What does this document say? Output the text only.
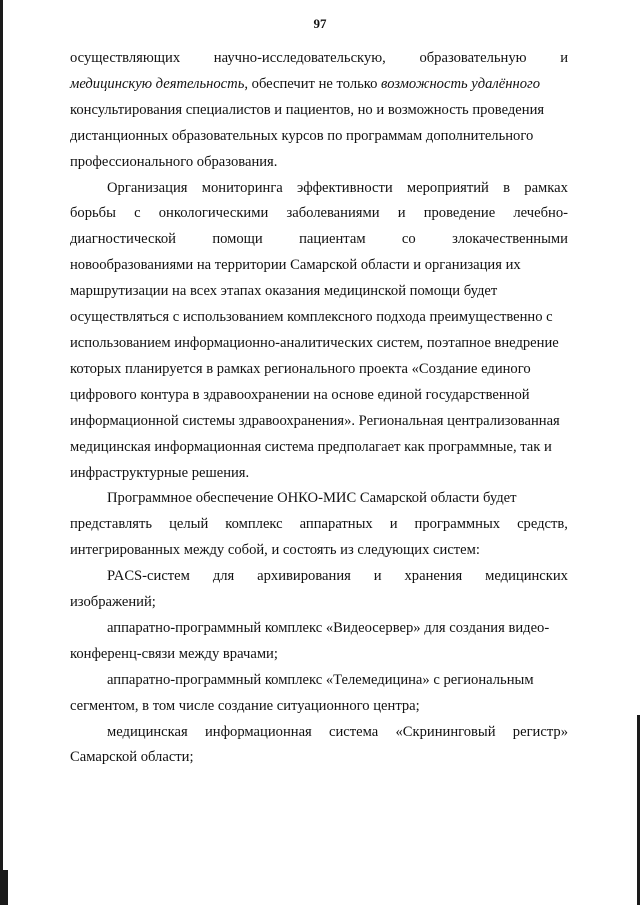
97
осуществляющих научно-исследовательскую, образовательную и
медицинскую деятельность, обеспечит не только возможность удалённого
консультирования специалистов и пациентов, но и возможность проведения
дистанционных образовательных курсов по программам дополнительного
профессионального образования.
Организация мониторинга эффективности мероприятий в рамках
борьбы с онкологическими заболеваниями и проведение лечебно-
диагностической помощи пациентам со злокачественными
новообразованиями на территории Самарской области и организация их
маршрутизации на всех этапах оказания медицинской помощи будет
осуществляться с использованием комплексного подхода преимущественно с
использованием информационно-аналитических систем, поэтапное внедрение
которых планируется в рамках регионального проекта «Создание единого
цифрового контура в здравоохранении на основе единой государственной
информационной системы здравоохранения». Региональная централизованная
медицинская информационная система предполагает как программные, так и
инфраструктурные решения.
Программное обеспечение ОНКО-МИС Самарской области будет
представлять целый комплекс аппаратных и программных средств,
интегрированных между собой, и состоять из следующих систем:
PACS-систем для архивирования и хранения медицинских
изображений;
аппаратно-программный комплекс «Видеосервер» для создания видео-
конференц-связи между врачами;
аппаратно-программный комплекс «Телемедицина» с региональным
сегментом, в том числе создание ситуационного центра;
медицинская информационная система «Скрининговый регистр»
Самарской области;
